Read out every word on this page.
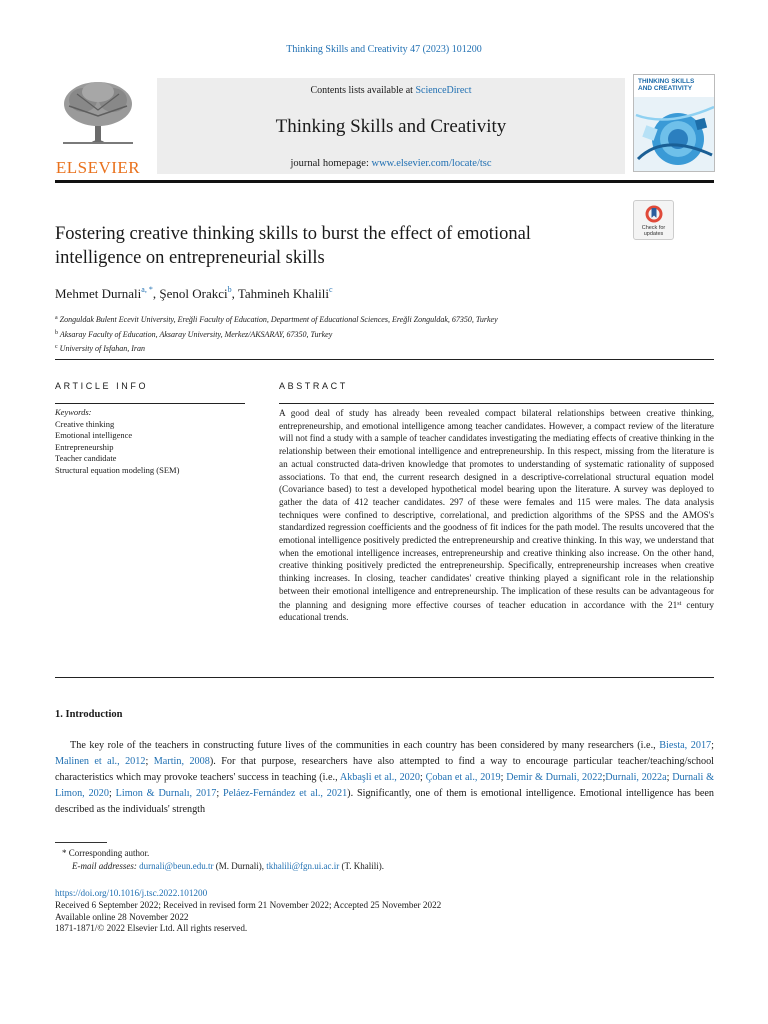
Thinking Skills and Creativity 47 (2023) 101200
ELSEVIER
Contents lists available at ScienceDirect
Thinking Skills and Creativity
journal homepage: www.elsevier.com/locate/tsc
THINKING SKILLS
AND CREATIVITY
Fostering creative thinking skills to burst the effect of emotional intelligence on entrepreneurial skills
Check for
updates
Mehmet Durnali$^{a, *}$, Şenol Orakci$^b$, Tahmineh Khalili$^c$
$^a$ Zonguldak Bulent Ecevit University, Ereğli Faculty of Education, Department of Educational Sciences, Ereğli Zonguldak, 67350, Turkey
$^b$ Aksaray Faculty of Education, Aksaray University, Merkez/AKSARAY, 67350, Turkey
$^c$ University of Isfahan, Iran
ARTICLE INFO	ABSTRACT
Keywords:
Creative thinking
Emotional intelligence
Entrepreneurship
Teacher candidate
Structural equation modeling (SEM)
A good deal of study has already been revealed compact bilateral relationships between creative thinking, entrepreneurship, and emotional intelligence among teacher candidates. However, a compact review of the literature will not find a study with a sample of teacher candidates investigating the mediating effects of creative thinking in the relationship between their emotional intelligence and entrepreneurship. In this respect, missing from the literature is an actual constructed data-driven knowledge that promotes to understanding of systematic rationality of supposed associations. To that end, the current research designed in a descriptive-correlational structural equation model (Covariance based) to test a developed hypothetical model bearing upon the literature. A survey was deployed to gather the data of 412 teacher candidates. 297 of these were females and 115 were males. The data analysis techniques were confined to descriptive, correlational, and prediction algorithms of the SPSS and the AMOS's standardized regression coefficients and the goodness of fit indices for the path model. The results uncovered that the emotional intelligence positively predicted the entrepreneurship and creative thinking. In this way, we understand that when the emotional intelligence increases, entrepreneurship and creative thinking also increase. On the other hand, creative thinking positively predicted the entrepreneurship. Specifically, entrepreneurship increases when creative thinking increases. In closing, teacher candidates' creative thinking played a significant role in the relationship between their emotional intelligence and entrepreneurship. The implication of these results can be advantageous for the planning and designing more effective courses of teacher education in accordance with the 21st century educational trends.
1. Introduction
The key role of the teachers in constructing future lives of the communities in each country has been considered by many researchers (i.e., Biesta, 2017; Malinen et al., 2012; Martin, 2008). For that purpose, researchers have also attempted to find a way to encourage particular teacher/teaching/school characteristics which may provoke teachers' success in teaching (i.e., Akbaşli et al., 2020; Çoban et al., 2019; Demir & Durnali, 2022;Durnali, 2022a; Durnali & Limon, 2020; Limon & Durnalı, 2017; Peláez-Fernández et al., 2021). Significantly, one of them is emotional intelligence. Emotional intelligence has been described as the individuals' strength
* Corresponding author.
E-mail addresses: durnali@beun.edu.tr (M. Durnali), tkhalili@fgn.ui.ac.ir (T. Khalili).
https://doi.org/10.1016/j.tsc.2022.101200
Received 6 September 2022; Received in revised form 21 November 2022; Accepted 25 November 2022
Available online 28 November 2022
1871-1871/© 2022 Elsevier Ltd. All rights reserved.
